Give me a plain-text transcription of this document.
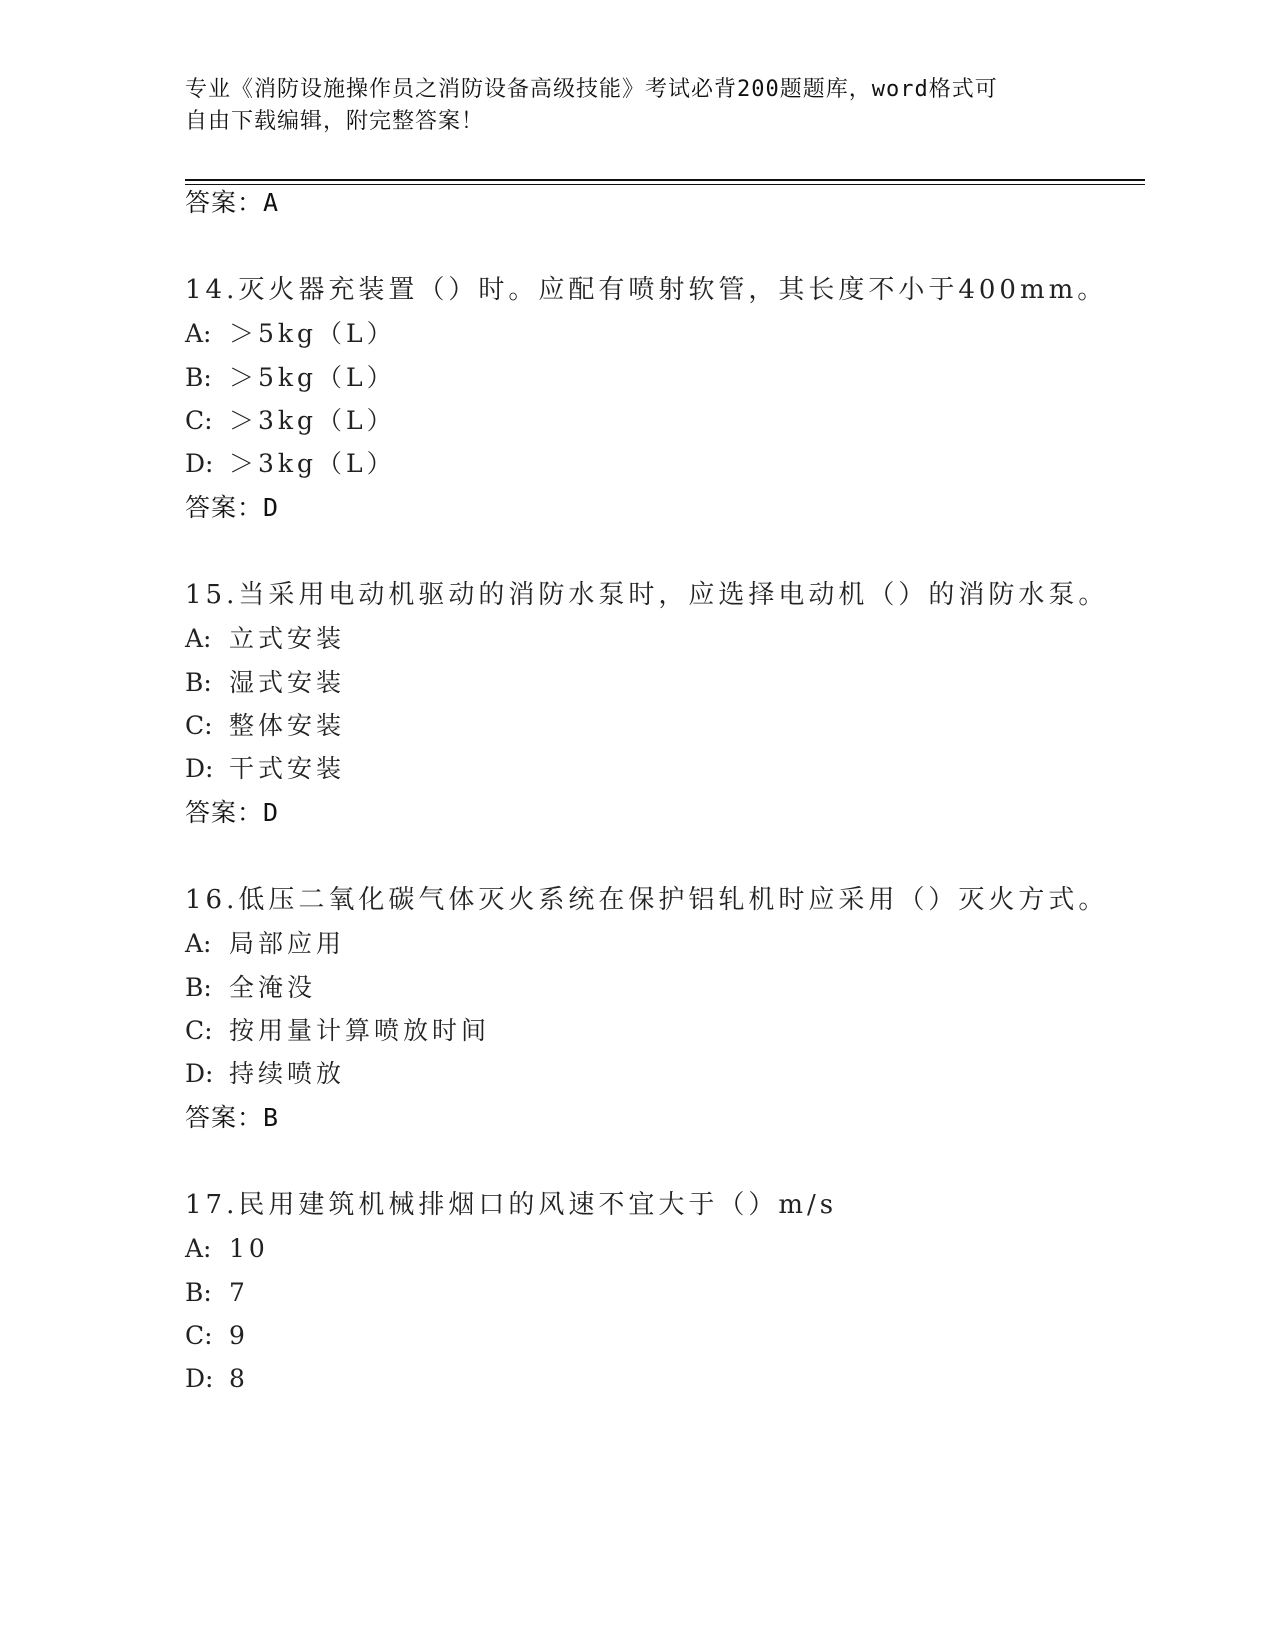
专业《消防设施操作员之消防设备高级技能》考试必背200题题库，word格式可
自由下载编辑，附完整答案！
答案：A
14.灭火器充装置（）时。应配有喷射软管，其长度不小于400mm。
A: ＞5kg（L）
B: ＞5kg（L）
C: ＞3kg（L）
D: ＞3kg（L）
答案：D
15.当采用电动机驱动的消防水泵时，应选择电动机（）的消防水泵。
A: 立式安装
B: 湿式安装
C: 整体安装
D: 干式安装
答案：D
16.低压二氧化碳气体灭火系统在保护铝轧机时应采用（）灭火方式。
A: 局部应用
B: 全淹没
C: 按用量计算喷放时间
D: 持续喷放
答案：B
17.民用建筑机械排烟口的风速不宜大于（）m/s
A: 10
B: 7
C: 9
D: 8
